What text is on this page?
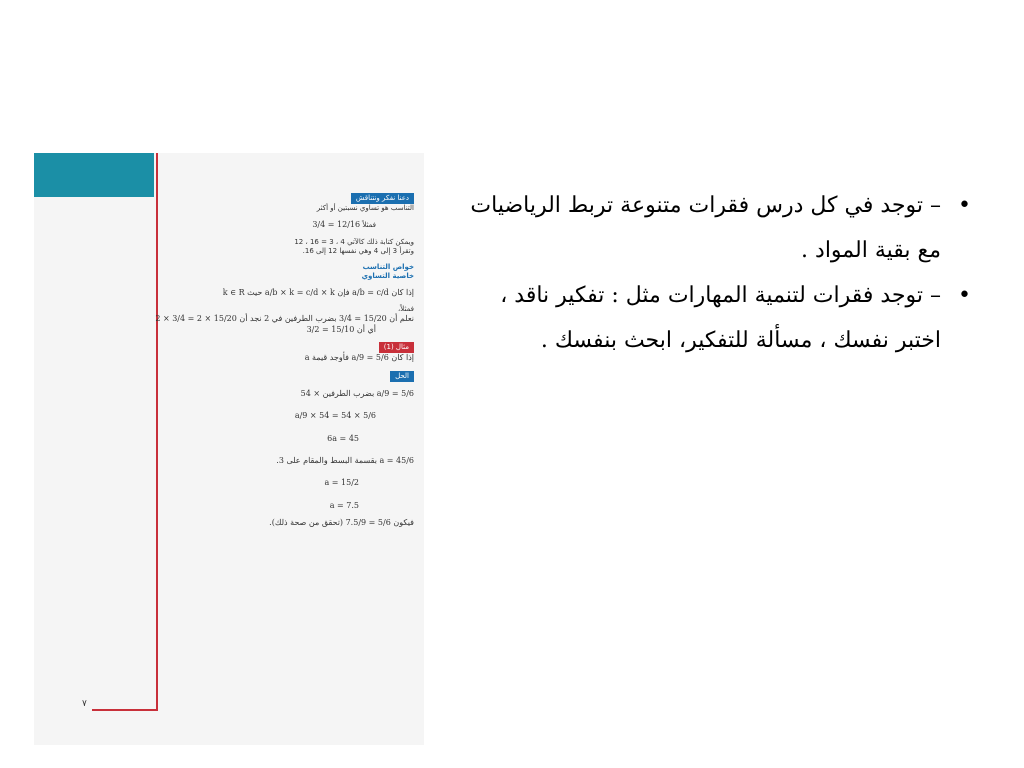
٧
دعنا نفكر ونتناقش
التناسب هو تساوي نسبتين أو أكثر
فمثلاً 12/16 = 3/4
ويمكن كتابة ذلك كالآتي 4 ، 3 = 16 ، 12
وتقرأ 3 إلى 4 وهي نفسها 12 إلى 16.
خواص التناسب
خاصية التساوي
إذا كان a/b = c/d فإن a/b × k = c/d × k حيث k ∈ R
فمثلاً،
نعلم أن 15/20 = 3/4 بضرب الطرفين في 2 نجد أن 15/20 × 2 = 3/4 × 2
أي أن 15/10 = 3/2
مثال (1)
إذا كان 5/6 = a/9 فأوجد قيمة a
الحل
5/6 = a/9 بضرب الطرفين × 54
5/6 × 54 = a/9 × 54
45 = 6a
a = 45/6 بقسمة البسط والمقام على 3.
a = 15/2
a = 7.5
فيكون 5/6 = 7.5/9 (تحقق من صحة ذلك).
• – توجد في كل درس فقرات متنوعة تربط الرياضيات مع بقية المواد .
• – توجد فقرات لتنمية المهارات مثل : تفكير ناقد ، اختبر نفسك ، مسألة للتفكير، ابحث بنفسك .
